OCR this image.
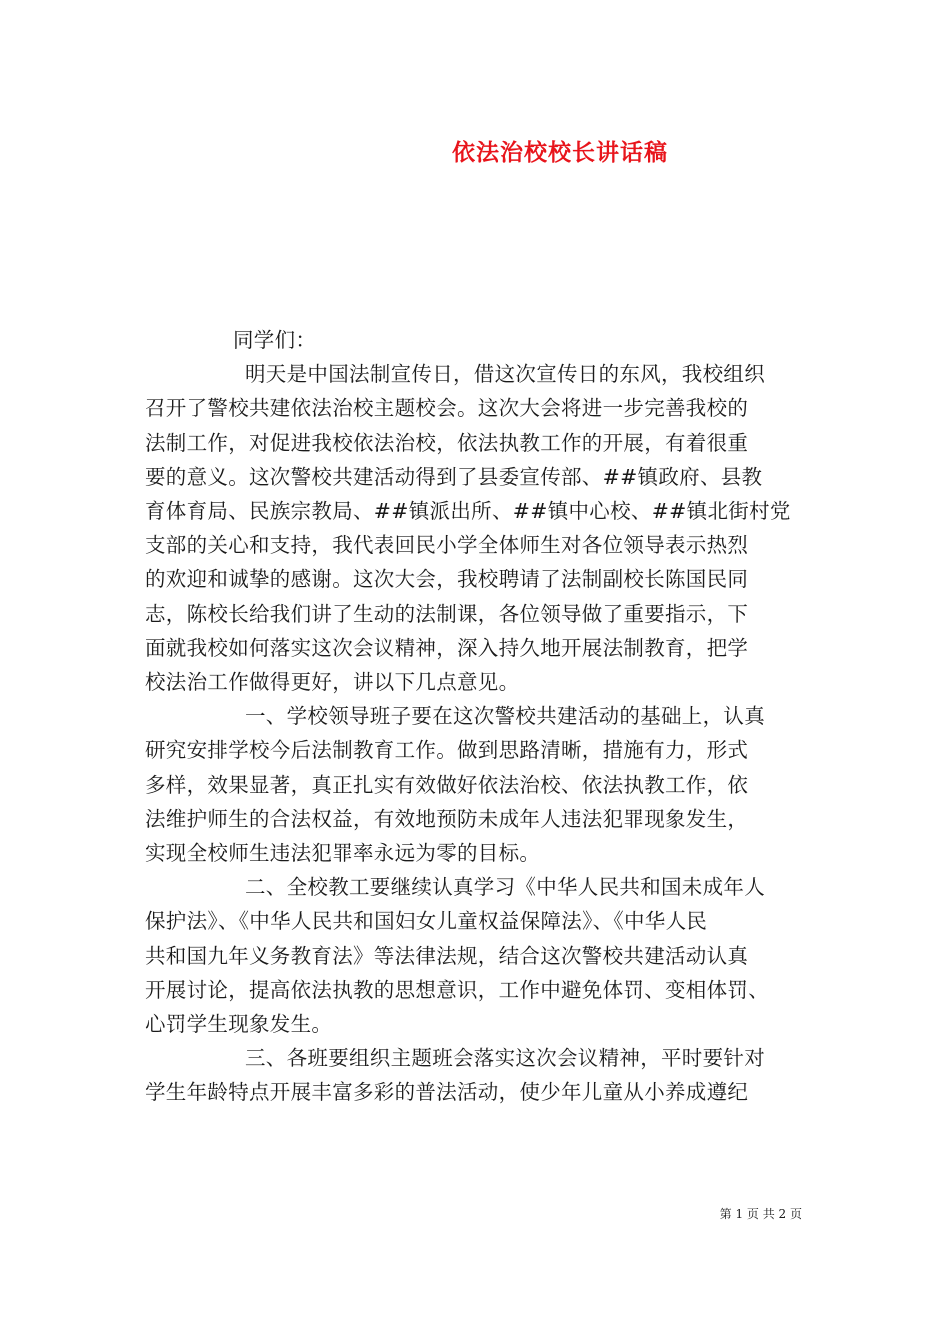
依法治校校长讲话稿

同学们：

明天是中国法制宣传日，借这次宣传日的东风，我校组织
召开了警校共建依法治校主题校会。这次大会将进一步完善我校的
法制工作，对促进我校依法治校，依法执教工作的开展，有着很重
要的意义。这次警校共建活动得到了县委宣传部、##镇政府、县教
育体育局、民族宗教局、##镇派出所、##镇中心校、##镇北街村党
支部的关心和支持，我代表回民小学全体师生对各位领导表示热烈
的欢迎和诚挚的感谢。这次大会，我校聘请了法制副校长陈国民同
志，陈校长给我们讲了生动的法制课，各位领导做了重要指示，下
面就我校如何落实这次会议精神，深入持久地开展法制教育，把学
校法治工作做得更好，讲以下几点意见。

一、学校领导班子要在这次警校共建活动的基础上，认真
研究安排学校今后法制教育工作。做到思路清晰，措施有力，形式
多样，效果显著，真正扎实有效做好依法治校、依法执教工作，依
法维护师生的合法权益，有效地预防未成年人违法犯罪现象发生，
实现全校师生违法犯罪率永远为零的目标。

二、全校教工要继续认真学习《中华人民共和国未成年人
保护法》、《中华人民共和国妇女儿童权益保障法》、《中华人民
共和国九年义务教育法》等法律法规，结合这次警校共建活动认真
开展讨论，提高依法执教的思想意识，工作中避免体罚、变相体罚、
心罚学生现象发生。

三、各班要组织主题班会落实这次会议精神，平时要针对
学生年龄特点开展丰富多彩的普法活动，使少年儿童从小养成遵纪

第 1 页 共 2 页
